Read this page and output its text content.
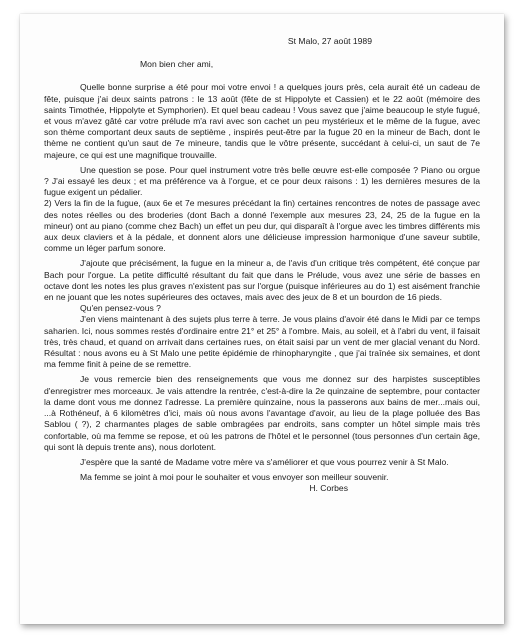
St Malo, 27 août 1989

Mon bien cher ami,

Quelle bonne surprise a été pour moi votre envoi ! a quelques jours près, cela aurait été un cadeau de fête, puisque j'ai deux saints patrons : le 13 août (fête de st Hippolyte et Cassien) et le 22 août (mémoire des saints Timothée, Hippolyte et Symphorien). Et quel beau cadeau ! Vous savez que j'aime beaucoup le style fugué, et vous m'avez gâté car votre prélude m'a ravi avec son cachet un peu mystérieux et le même de la fugue, avec son thème comportant deux sauts de septième , inspirés peut-être par la fugue 20 en la mineur de Bach, dont le thème ne contient qu'un saut de 7e mineure, tandis que le vôtre présente, succédant à celui-ci, un saut de 7e majeure, ce qui est une magnifique trouvaille.

Une question se pose. Pour quel instrument votre très belle œuvre est-elle composée ? Piano ou orgue ? J'ai essayé les deux ; et ma préférence va à l'orgue, et ce pour deux raisons : 1) les dernières mesures de la fugue exigent un pédalier.

2) Vers la fin de la fugue, (aux 6e et 7e mesures précédant la fin) certaines rencontres de notes de passage avec des notes réelles ou des broderies (dont Bach a donné l'exemple aux mesures 23, 24, 25 de la fugue en la mineur) ont au piano (comme chez Bach) un effet un peu dur, qui disparaît à l'orgue avec les timbres différents mis aux deux claviers et à la pédale, et donnent alors une délicieuse impression harmonique d'une saveur subtile, comme un léger parfum sonore.

J'ajoute que précisément, la fugue en la mineur a, de l'avis d'un critique très compétent, été conçue par Bach pour l'orgue. La petite difficulté résultant du fait que dans le Prélude, vous avez une série de basses en octave dont les notes les plus graves n'existent pas sur l'orgue (puisque inférieures au do 1) est aisément franchie en ne jouant que les notes supérieures des octaves, mais avec des jeux de 8 et un bourdon de 16 pieds.

Qu'en pensez-vous ?

J'en viens maintenant à des sujets plus terre à terre. Je vous plains d'avoir été dans le Midi par ce temps saharien. Ici, nous sommes restés d'ordinaire entre 21° et 25° à l'ombre. Mais, au soleil, et à l'abri du vent, il faisait très, très chaud, et quand on arrivait dans certaines rues, on était saisi par un vent de mer glacial venant du Nord. Résultat : nous avons eu à St Malo une petite épidémie de rhinopharyngite , que j'ai traînée six semaines, et dont ma femme finit à peine de se remettre.

Je vous remercie bien des renseignements que vous me donnez sur des harpistes susceptibles d'enregistrer mes morceaux. Je vais attendre la rentrée, c'est-à-dire la 2e quinzaine de septembre, pour contacter la dame dont vous me donnez l'adresse. La première quinzaine, nous la passerons aux bains de mer...mais oui, ...à Rothéneuf, à 6 kilomètres d'ici, mais où nous avons l'avantage d'avoir, au lieu de la plage polluée des Bas Sablou ( ?), 2 charmantes plages de sable ombragées par endroits, sans compter un hôtel simple mais très confortable, où ma femme se repose, et où les patrons de l'hôtel et le personnel (tous personnes d'un certain âge, qui sont là depuis trente ans), nous dorlotent.

J'espère que la santé de Madame votre mère va s'améliorer et que vous pourrez venir à St Malo.

Ma femme se joint à moi pour le souhaiter et vous envoyer son meilleur souvenir.

H. Corbes
